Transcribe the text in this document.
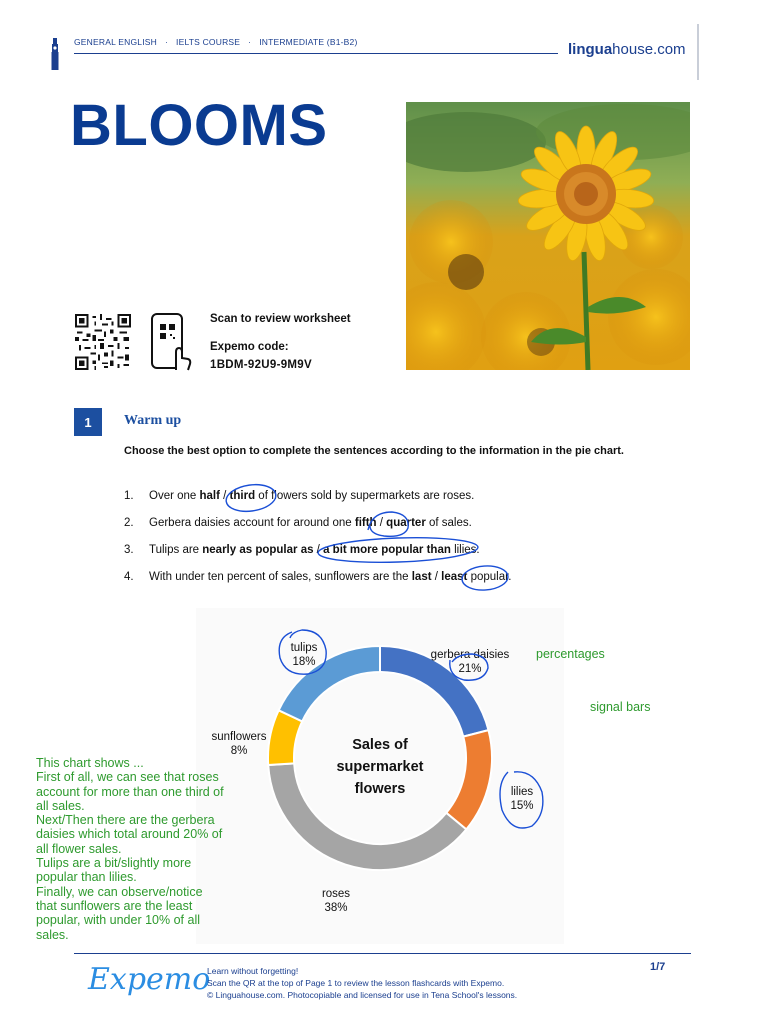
GENERAL ENGLISH · IELTS COURSE · INTERMEDIATE (B1-B2)	linguahouse.com
BLOOMS
Scan to review worksheet
Expemo code:
1BDM-92U9-9M9V
1	Warm up
Choose the best option to complete the sentences according to the information in the pie chart.
1. Over one half / third of flowers sold by supermarkets are roses.
2. Gerbera daisies account for around one fifth / quarter of sales.
3. Tulips are nearly as popular as / a bit more popular than lilies.
4. With under ten percent of sales, sunflowers are the last / least popular.
Sales of
supermarket
flowers
tulips
18%
gerbera daisies
21%
sunflowers
8%
lilies
15%
roses
38%
percentages
signal bars
This chart shows ...
First of all, we can see that roses
account for more than one third of
all sales.
Next/Then there are the gerbera
daisies which total around 20% of
all flower sales.
Tulips are a bit/slightly more
popular than lilies.
Finally, we can observe/notice
that sunflowers are the least
popular, with under 10% of all
sales.
Expemo
Learn without forgetting!
Scan the QR at the top of Page 1 to review the lesson flashcards with Expemo.
© Linguahouse.com. Photocopiable and licensed for use in Tena School's lessons.
1/7
